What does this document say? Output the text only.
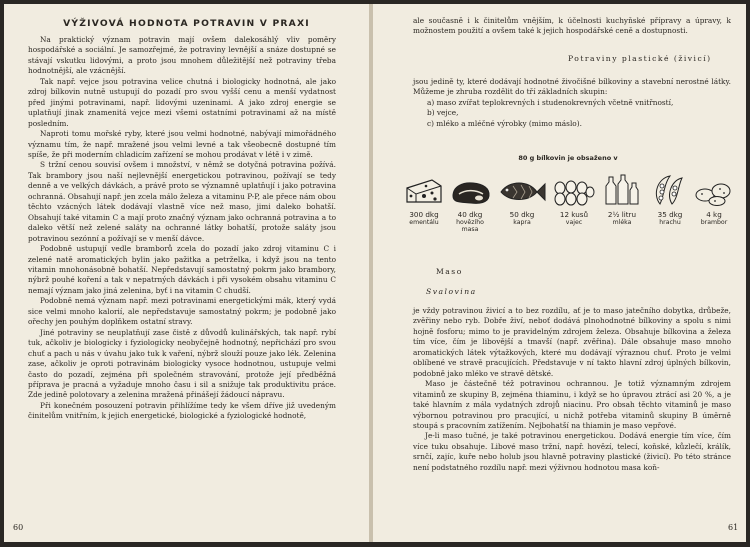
VÝŽIVOVÁ HODNOTA POTRAVIN V PRAXI

Na praktický význam potravin mají ovšem dalekosáhlý vliv poměry hospodářské a sociální. Je samozřejmé, že potraviny levnější a snáze dostupné se stávají vskutku lidovými, a proto jsou mnohem důležitější než potraviny třeba hodnotnější, ale vzácnější.

Tak např. vejce jsou potravina velice chutná i biologicky hodnotná, ale jako zdroj bílkovin nutně ustupují do pozadí pro svou vyšší cenu a menší vydatnost před jinými potravinami, např. lidovými uzeninami. A jako zdroj energie se uplatňují jinak znamenitá vejce mezi všemi ostatními potravinami až na místě posledním.

Naproti tomu mořské ryby, které jsou velmi hodnotné, nabývají mimořádného významu tím, že např. mražené jsou velmi levné a tak všeobecně dostupné tím spíše, že při moderním chladicím zařízení se mohou prodávat v létě i v zimě.

S tržní cenou souvisí ovšem i množství, v němž se dotyčná potravina požívá. Tak brambory jsou naší nejlevnější energetickou potravinou, požívají se tedy denně a ve velkých dávkách, a právě proto se významně uplatňují i jako potravina ochranná. Obsahují např. jen zcela málo železa a vitaminu P-P, ale přece nám obou těchto vzácných látek dodávají vlastně více než maso, jimi daleko bohatší. Obsahují také vitamin C a mají proto značný význam jako ochranná potravina a to daleko větší než zelené saláty na ochranné látky bohatší, protože saláty jsou potravinou sezónní a požívají se v menší dávce.

Podobně ustupují vedle bramborů zcela do pozadí jako zdroj vitaminu C i zelené natě aromatických bylin jako pažitka a petrželka, i když jsou na tento vitamin mnohonásobně bohatší. Nepředstavují samostatný pokrm jako brambory, nýbrž pouhé koření a tak v nepatrných dávkách i při vysokém obsahu vitaminu C nemají význam jako jiná zelenina, byť i na vitamin C chudší.

Podobně nemá význam např. mezi potravinami energetickými mák, který vydá sice velmi mnoho kalorií, ale nepředstavuje samostatný pokrm; je podobně jako ořechy jen pouhým doplňkem ostatní stravy.

Jiné potraviny se neuplatňují zase čistě z důvodů kulinářských, tak např. rybí tuk, ačkoliv je biologicky i fyziologicky neobyčejně hodnotný, nepřichází pro svou chuť a pach u nás v úvahu jako tuk k vaření, nýbrž slouží pouze jako lék. Zelenina zase, ačkoliv je oproti potravinám biologicky vysoce hodnotnou, ustupuje velmi často do pozadí, zejména při společném stravování, protože její předběžná příprava je pracná a vyžaduje mnoho času i sil a snižuje tak produktivitu práce. Zde jedině polotovary a zelenina mražená přinášejí žádoucí nápravu.

Při konečném posouzení potravin přihlížíme tedy ke všem dříve již uvedeným činitelům vnitřním, k jejich energetické, biologické a fyziologické hodnotě,

60

ale současně i k činitelům vnějším, k účelnosti kuchyňské přípravy a úpravy, k možnostem použití a ovšem také k jejich hospodářské ceně a dostupnosti.

Potraviny plastické (živicí)

jsou jedině ty, které dodávají hodnotné živočišné bílkoviny a stavební nerostné látky. Můžeme je zhruba rozdělit do tří základních skupin:

a) maso zvířat teplokrevných i studenokrevných včetně vnitřností,

b) vejce,

c) mléko a mléčné výrobky (mimo máslo).

80 g bílkovin je obsaženo v
300 dkg
ementálu
40 dkg
hovězího masa
50 dkg
kapra
12 kusů
vajec
2½ litru
mléka
35 dkg
hrachu
4 kg
brambor
Maso
Svalovina

je vždy potravinou živicí a to bez rozdílu, ať je to maso jatečního dobytka, drůbeže, zvěřiny nebo ryb. Dobře živí, neboť dodává plnohodnotné bílkoviny a spolu s nimi hojně fosforu; mimo to je pravidelným zdrojem železa. Obsahuje bílkovina a železa tím více, čím je libovější a tmavší (např. zvěřina). Dále obsahuje maso mnoho aromatických látek výtažkových, které mu dodávají výraznou chuť. Proto je velmi oblíbené ve stravě pracujících. Představuje v ní takto hlavní zdroj úplných bílkovin, podobně jako mléko ve stravě dětské.

Maso je částečně též potravinou ochrannou. Je totiž významným zdrojem vitaminů ze skupiny B, zejména thiaminu, i když se ho úpravou ztrácí asi 20 %, a je také hlavním z mála vydatných zdrojů niacinu. Pro obsah těchto vitaminů je maso výbornou potravinou pro pracující, u nichž potřeba vitaminů skupiny B úměrně stoupá s pracovním zatížením. Nejbohatší na thiamin je maso vepřové.

Je-li maso tučné, je také potravinou energetickou. Dodává energie tím více, čím více tuku obsahuje. Libové maso tržní, např. hovězí, telecí, koňské, kůzlečí, králík, srnčí, zajíc, kuře nebo holub jsou hlavně potraviny plastické (živicí). Po této stránce není podstatného rozdílu např. mezi výživnou hodnotou masa koň-

61
